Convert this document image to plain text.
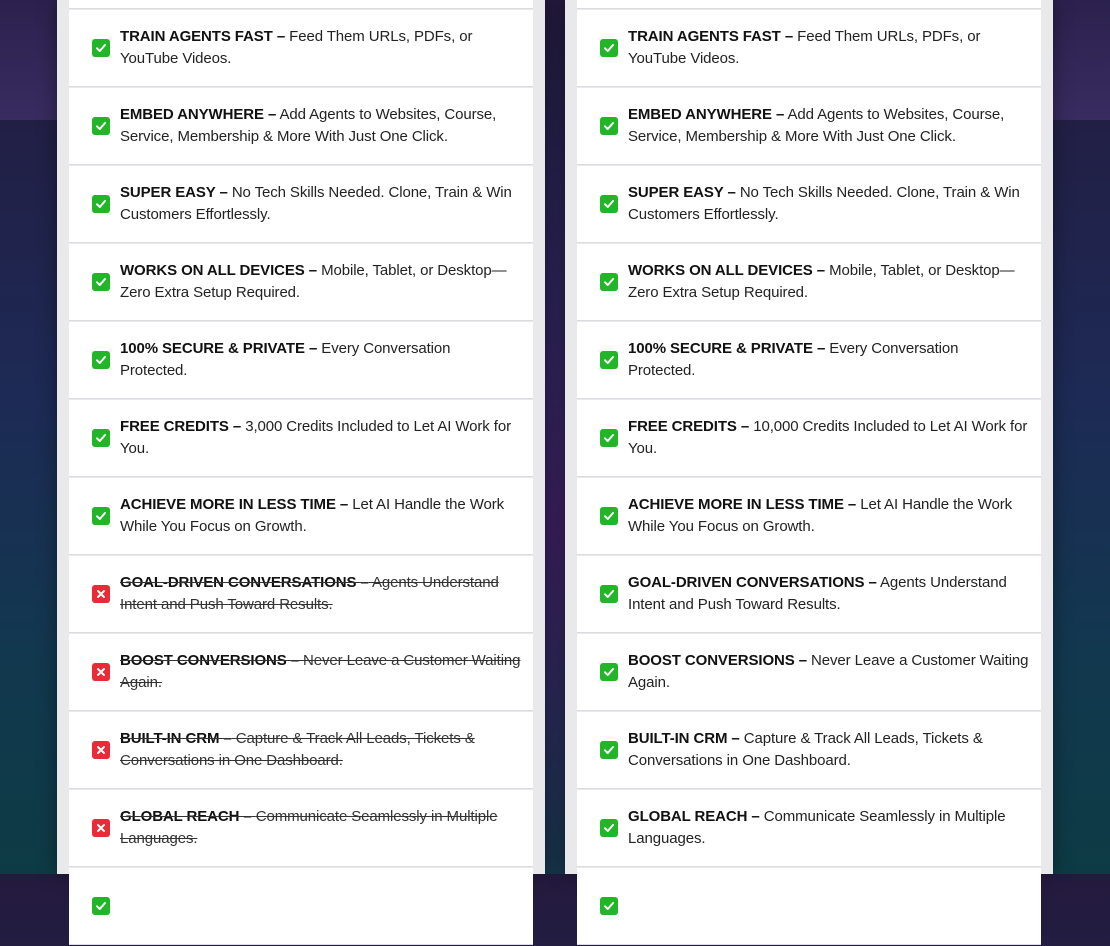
TRAIN AGENTS FAST – Feed Them URLs, PDFs, or YouTube Videos.
EMBED ANYWHERE – Add Agents to Websites, Course, Service, Membership & More With Just One Click.
SUPER EASY – No Tech Skills Needed. Clone, Train & Win Customers Effortlessly.
WORKS ON ALL DEVICES – Mobile, Tablet, or Desktop—Zero Extra Setup Required.
100% SECURE & PRIVATE – Every Conversation Protected.
FREE CREDITS – 3,000 Credits Included to Let AI Work for You.
ACHIEVE MORE IN LESS TIME – Let AI Handle the Work While You Focus on Growth.
GOAL-DRIVEN CONVERSATIONS – Agents Understand Intent and Push Toward Results.
BOOST CONVERSIONS – Never Leave a Customer Waiting Again.
BUILT-IN CRM – Capture & Track All Leads, Tickets & Conversations in One Dashboard.
GLOBAL REACH – Communicate Seamlessly in Multiple Languages.
TRAIN AGENTS FAST – Feed Them URLs, PDFs, or YouTube Videos.
EMBED ANYWHERE – Add Agents to Websites, Course, Service, Membership & More With Just One Click.
SUPER EASY – No Tech Skills Needed. Clone, Train & Win Customers Effortlessly.
WORKS ON ALL DEVICES – Mobile, Tablet, or Desktop—Zero Extra Setup Required.
100% SECURE & PRIVATE – Every Conversation Protected.
FREE CREDITS – 10,000 Credits Included to Let AI Work for You.
ACHIEVE MORE IN LESS TIME – Let AI Handle the Work While You Focus on Growth.
GOAL-DRIVEN CONVERSATIONS – Agents Understand Intent and Push Toward Results.
BOOST CONVERSIONS – Never Leave a Customer Waiting Again.
BUILT-IN CRM – Capture & Track All Leads, Tickets & Conversations in One Dashboard.
GLOBAL REACH – Communicate Seamlessly in Multiple Languages.
